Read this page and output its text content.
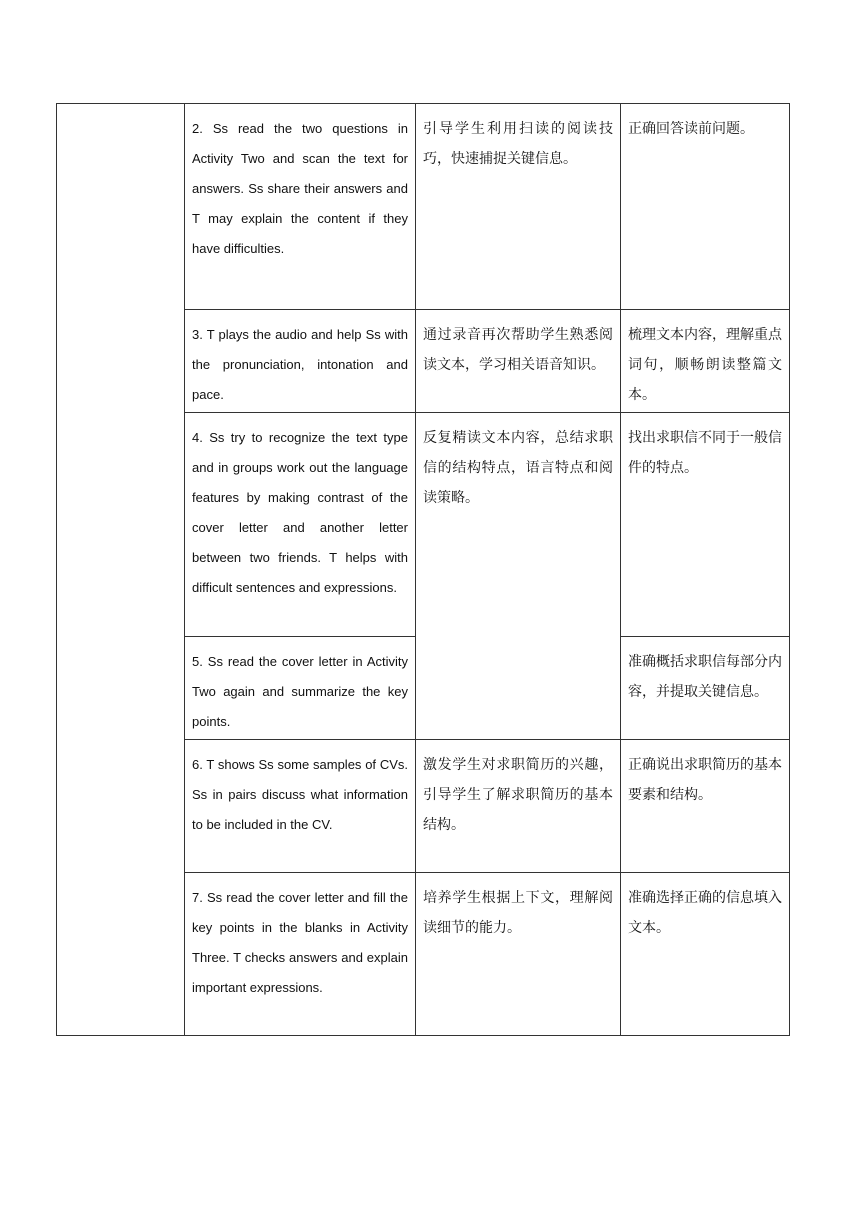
	2. Ss read the two questions in Activity Two and scan the text for answers. Ss share their answers and T may explain the content if they have difficulties.	引导学生利用扫读的阅读技巧，快速捕捉关键信息。	正确回答读前问题。
	3. T plays the audio and help Ss with the pronunciation, intonation and pace.	通过录音再次帮助学生熟悉阅读文本，学习相关语音知识。	梳理文本内容，理解重点词句，顺畅朗读整篇文本。
	4. Ss try to recognize the text type and in groups work out the language features by making contrast of the cover letter and another letter between two friends. T helps with difficult sentences and expressions.	反复精读文本内容，总结求职信的结构特点，语言特点和阅读策略。	找出求职信不同于一般信件的特点。
	5. Ss read the cover letter in Activity Two again and summarize the key points.		准确概括求职信每部分内容，并提取关键信息。
	6. T shows Ss some samples of CVs. Ss in pairs discuss what information to be included in the CV.	激发学生对求职简历的兴趣，引导学生了解求职简历的基本结构。	正确说出求职简历的基本要素和结构。
	7. Ss read the cover letter and fill the key points in the blanks in Activity Three. T checks answers and explain important expressions.	培养学生根据上下文，理解阅读细节的能力。	准确选择正确的信息填入文本。
